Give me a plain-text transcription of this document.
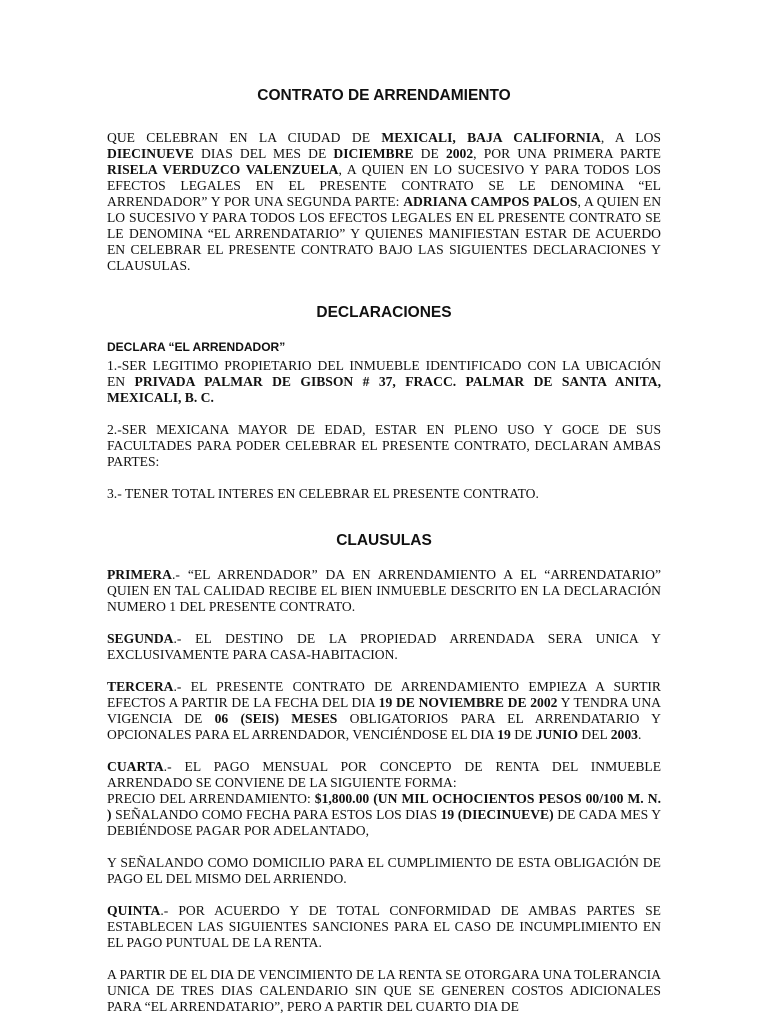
CONTRATO DE ARRENDAMIENTO

QUE CELEBRAN EN LA CIUDAD DE MEXICALI, BAJA CALIFORNIA, A LOS DIECINUEVE DIAS DEL MES DE DICIEMBRE DE 2002, POR UNA PRIMERA PARTE RISELA VERDUZCO VALENZUELA, A QUIEN EN LO SUCESIVO Y PARA TODOS LOS EFECTOS LEGALES EN EL PRESENTE CONTRATO SE LE DENOMINA “EL ARRENDADOR” Y POR UNA SEGUNDA PARTE: ADRIANA CAMPOS PALOS, A QUIEN EN LO SUCESIVO Y PARA TODOS LOS EFECTOS LEGALES EN EL PRESENTE CONTRATO SE LE DENOMINA “EL ARRENDATARIO” Y QUIENES MANIFIESTAN ESTAR DE ACUERDO EN CELEBRAR EL PRESENTE CONTRATO BAJO LAS SIGUIENTES DECLARACIONES Y CLAUSULAS.

DECLARACIONES
DECLARA “EL ARRENDADOR”

1.-SER LEGITIMO PROPIETARIO DEL INMUEBLE IDENTIFICADO CON LA UBICACIÓN EN PRIVADA PALMAR DE GIBSON # 37, FRACC. PALMAR DE SANTA ANITA, MEXICALI, B. C.

2.-SER MEXICANA MAYOR DE EDAD, ESTAR EN PLENO USO Y GOCE DE SUS FACULTADES PARA PODER CELEBRAR EL PRESENTE CONTRATO, DECLARAN AMBAS PARTES:

3.- TENER TOTAL INTERES EN CELEBRAR EL PRESENTE CONTRATO.

CLAUSULAS

PRIMERA.- “EL ARRENDADOR” DA EN ARRENDAMIENTO A EL “ARRENDATARIO” QUIEN EN TAL CALIDAD RECIBE EL BIEN INMUEBLE DESCRITO EN LA DECLARACIÓN NUMERO 1 DEL PRESENTE CONTRATO.

SEGUNDA.- EL DESTINO DE LA PROPIEDAD ARRENDADA SERA UNICA Y EXCLUSIVAMENTE PARA CASA-HABITACION.

TERCERA.- EL PRESENTE CONTRATO DE ARRENDAMIENTO EMPIEZA A SURTIR EFECTOS A PARTIR DE LA FECHA DEL DIA 19 DE NOVIEMBRE DE 2002 Y TENDRA UNA VIGENCIA DE 06 (SEIS) MESES OBLIGATORIOS PARA EL ARRENDATARIO Y OPCIONALES PARA EL ARRENDADOR, VENCIÉNDOSE EL DIA 19 DE JUNIO DEL 2003.

CUARTA.- EL PAGO MENSUAL POR CONCEPTO DE RENTA DEL INMUEBLE ARRENDADO SE CONVIENE DE LA SIGUIENTE FORMA:

PRECIO DEL ARRENDAMIENTO: $1,800.00 (UN MIL OCHOCIENTOS PESOS 00/100 M. N. ) SEÑALANDO COMO FECHA PARA ESTOS LOS DIAS 19 (DIECINUEVE) DE CADA MES Y DEBIÉNDOSE PAGAR POR ADELANTADO,

Y SEÑALANDO COMO DOMICILIO PARA EL CUMPLIMIENTO DE ESTA OBLIGACIÓN DE PAGO EL DEL MISMO DEL ARRIENDO.

QUINTA.- POR ACUERDO Y DE TOTAL CONFORMIDAD DE AMBAS PARTES SE ESTABLECEN LAS SIGUIENTES SANCIONES PARA EL CASO DE INCUMPLIMIENTO EN EL PAGO PUNTUAL DE LA RENTA.

A PARTIR DE EL DIA DE VENCIMIENTO DE LA RENTA SE OTORGARA UNA TOLERANCIA UNICA DE TRES DIAS CALENDARIO SIN QUE SE GENEREN COSTOS ADICIONALES PARA “EL ARRENDATARIO”, PERO A PARTIR DEL CUARTO DIA DE
